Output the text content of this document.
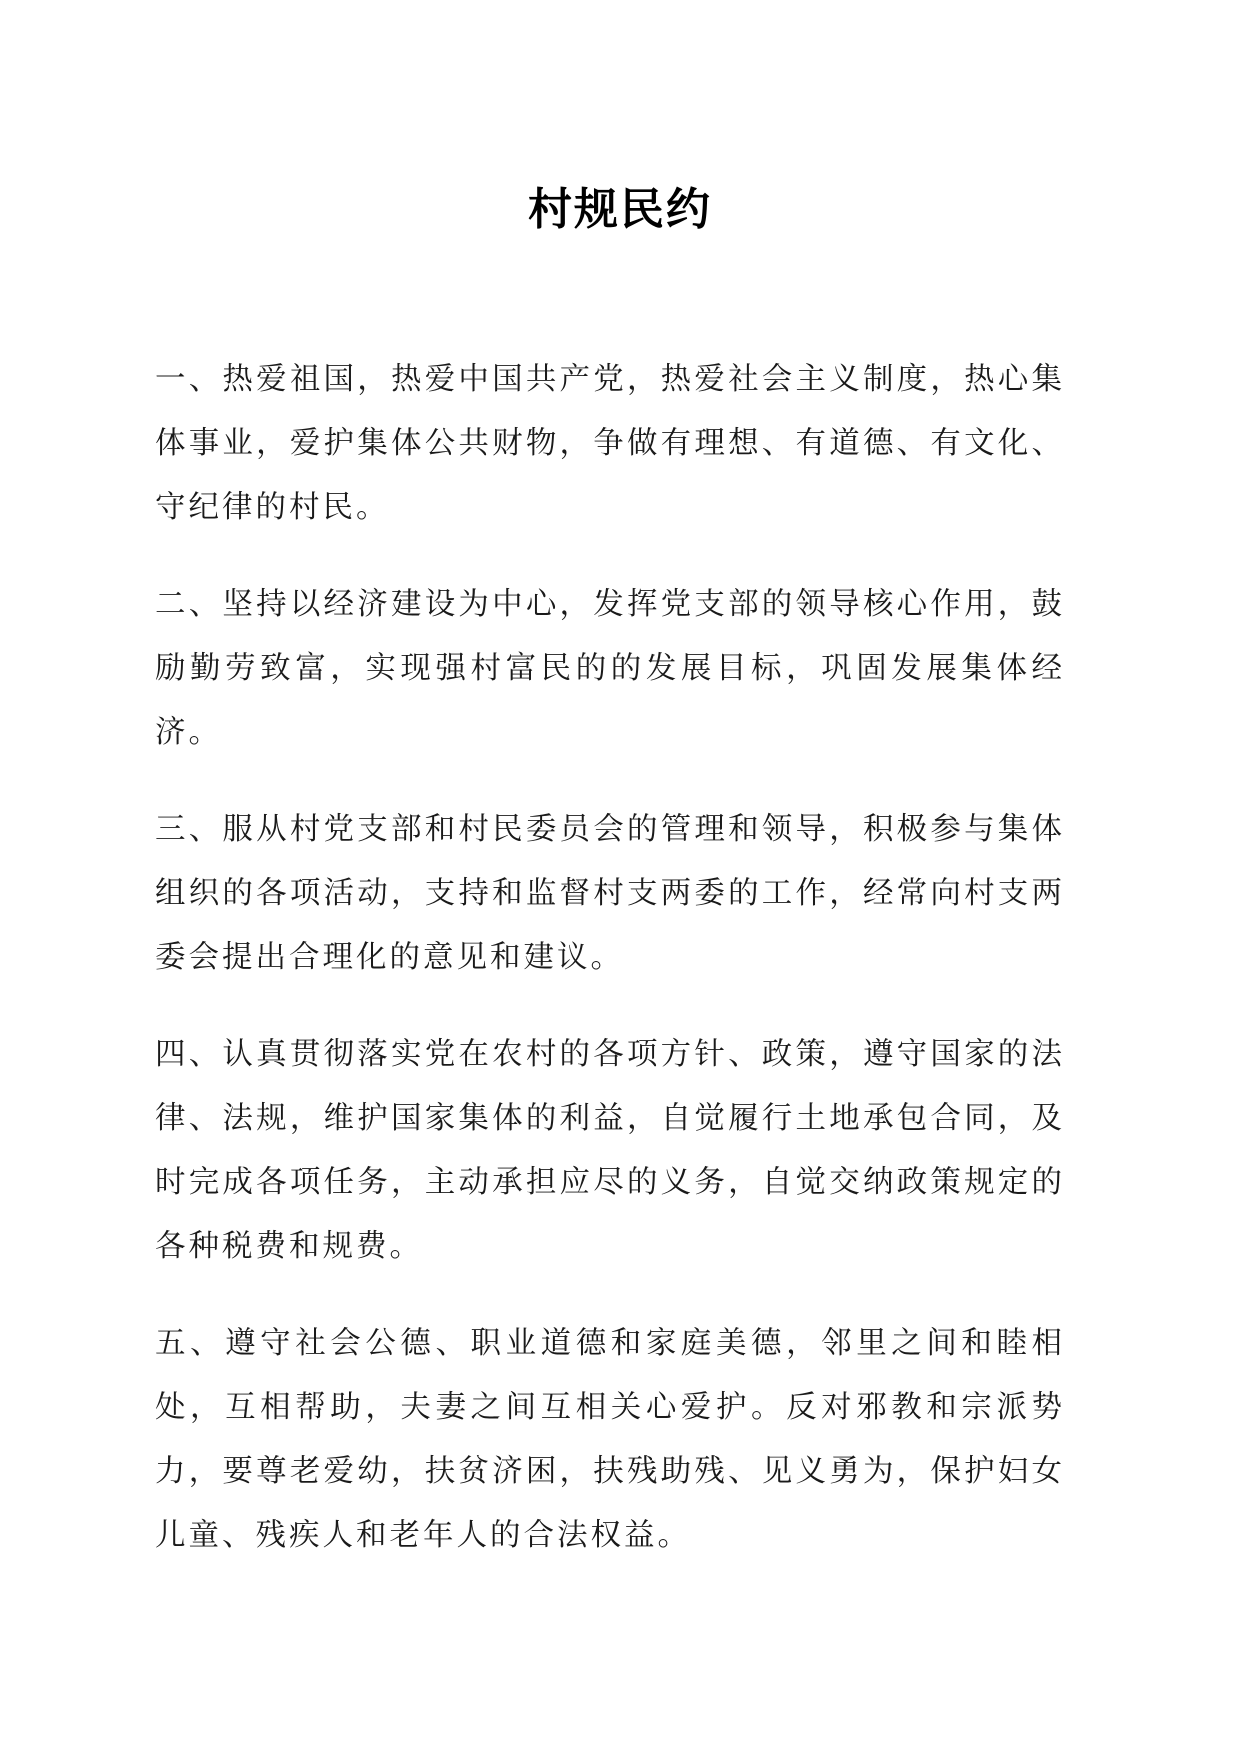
村规民约

一、热爱祖国，热爱中国共产党，热爱社会主义制度，热心集体事业，爱护集体公共财物，争做有理想、有道德、有文化、守纪律的村民。

二、坚持以经济建设为中心，发挥党支部的领导核心作用，鼓励勤劳致富，实现强村富民的的发展目标，巩固发展集体经济。

三、服从村党支部和村民委员会的管理和领导，积极参与集体组织的各项活动，支持和监督村支两委的工作，经常向村支两委会提出合理化的意见和建议。

四、认真贯彻落实党在农村的各项方针、政策，遵守国家的法律、法规，维护国家集体的利益，自觉履行土地承包合同，及时完成各项任务，主动承担应尽的义务，自觉交纳政策规定的各种税费和规费。

五、遵守社会公德、职业道德和家庭美德，邻里之间和睦相处，互相帮助，夫妻之间互相关心爱护。反对邪教和宗派势力，要尊老爱幼，扶贫济困，扶残助残、见义勇为，保护妇女儿童、残疾人和老年人的合法权益。
